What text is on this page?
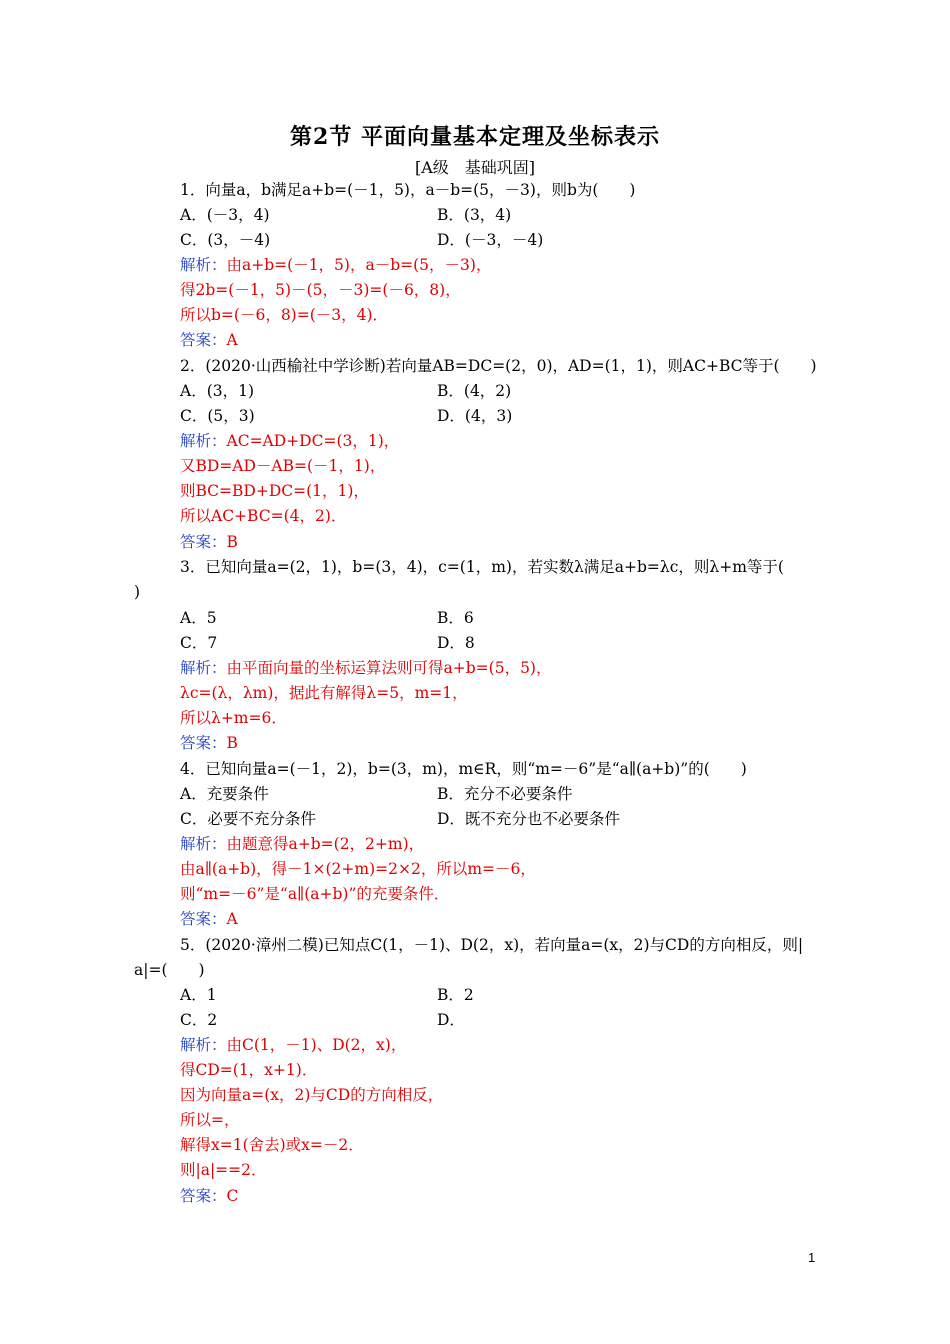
第2节 平面向量基本定理及坐标表示
[A级　基础巩固]
1．向量a，b满足a+b=(－1，5)，a－b=(5，－3)，则b为(　　)
A．(－3，4)	B．(3，4)
C．(3，－4)	D．(－3，－4)
解析：由a+b=(－1，5)，a－b=(5，－3)，
得2b=(－1，5)－(5，－3)=(－6，8)，
所以b=(－6，8)=(－3，4)．
答案：A
2．(2020·山西榆社中学诊断)若向量AB=DC=(2，0)，AD=(1，1)，则AC+BC等于(　　)
A．(3，1)	B．(4，2)
C．(5，3)	D．(4，3)
解析：AC=AD+DC=(3，1)，
又BD=AD－AB=(－1，1)，
则BC=BD+DC=(1，1)，
所以AC+BC=(4，2)．
答案：B
3．已知向量a=(2，1)，b=(3，4)，c=(1，m)，若实数λ满足a+b=λc，则λ+m等于(
)
A．5	B．6
C．7	D．8
解析：由平面向量的坐标运算法则可得a+b=(5，5)，
λc=(λ，λm)，据此有解得λ=5，m=1，
所以λ+m=6．
答案：B
4．已知向量a=(－1，2)，b=(3，m)，m∈R，则“m=－6”是“a∥(a+b)”的(　　)
A．充要条件	B．充分不必要条件
C．必要不充分条件	D．既不充分也不必要条件
解析：由题意得a+b=(2，2+m)，
由a∥(a+b)，得－1×(2+m)=2×2，所以m=－6，
则“m=－6”是“a∥(a+b)”的充要条件．
答案：A
5．(2020·漳州二模)已知点C(1，－1)、D(2，x)，若向量a=(x，2)与CD的方向相反，则|
a|=(　　)
A．1	B．2
C．2	D．
解析：由C(1，－1)、D(2，x)，
得CD=(1，x+1)．
因为向量a=(x，2)与CD的方向相反，
所以=，
解得x=1(舍去)或x=－2．
则|a|==2．
答案：C
1
